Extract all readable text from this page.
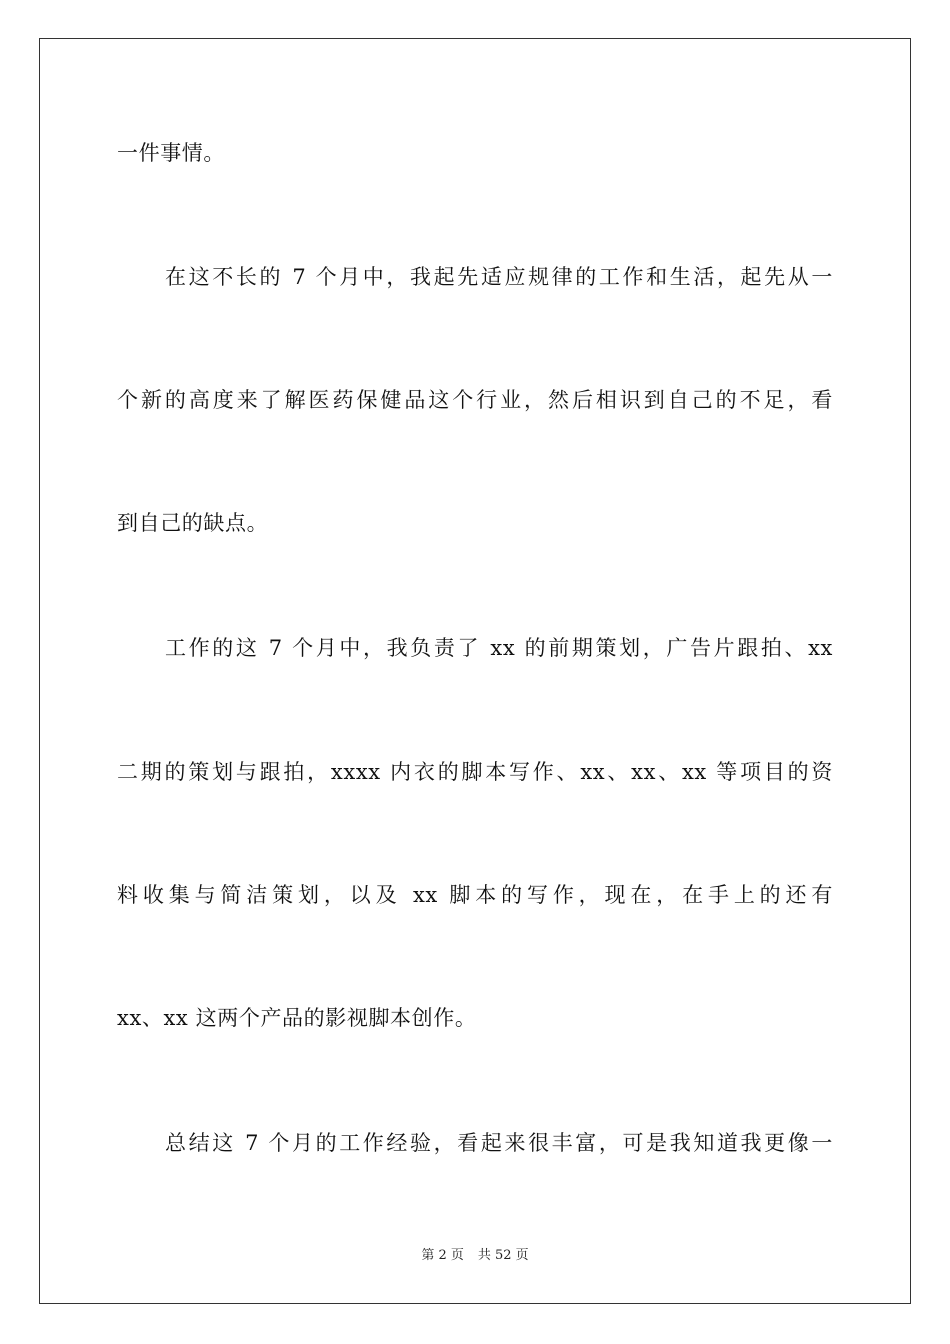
一件事情。
在这不长的 7 个月中，我起先适应规律的工作和生活，起先从一
个新的高度来了解医药保健品这个行业，然后相识到自己的不足，看
到自己的缺点。
工作的这 7 个月中，我负责了 xx 的前期策划，广告片跟拍、xx
二期的策划与跟拍，xxxx 内衣的脚本写作、xx、xx、xx 等项目的资
料收集与简洁策划，以及 xx 脚本的写作，现在，在手上的还有
xx、xx 这两个产品的影视脚本创作。
总结这 7 个月的工作经验，看起来很丰富，可是我知道我更像一
第 2 页 共 52 页
